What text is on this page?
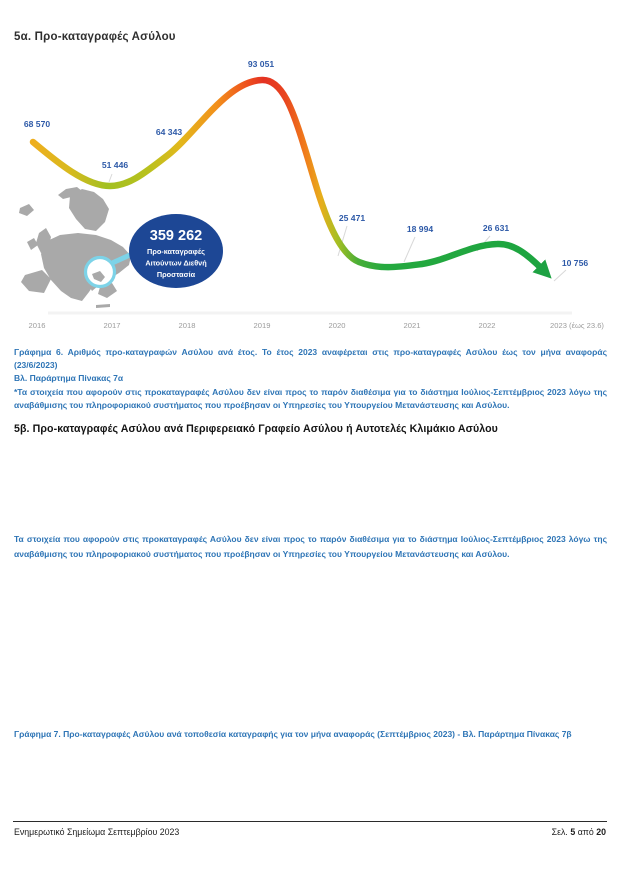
5α. Προ-καταγραφές Ασύλου
359 262
Προ-καταγραφές
Αιτούντων Διεθνή
Προστασία
68 570
51 446
64 343
93 051
25 471
18 994	26 631
10 756
2016	2017	2018	2019	2020	2021	2022	2023 (έως 23.6)
Γράφημα 6. Αριθμός προ-καταγραφών Ασύλου ανά έτος. Το έτος 2023 αναφέρεται στις προ-καταγραφές Ασύλου έως τον μήνα αναφοράς (23/6/2023)
Βλ. Παράρτημα Πίνακας 7α
*Τα στοιχεία που αφορούν στις προκαταγραφές Ασύλου δεν είναι προς το παρόν διαθέσιμα για το διάστημα Ιούλιος-Σεπτέμβριος 2023 λόγω της αναβάθμισης του πληροφοριακού συστήματος που προέβησαν οι Υπηρεσίες του Υπουργείου Μετανάστευσης και Ασύλου.
5β. Προ-καταγραφές Ασύλου ανά Περιφερειακό Γραφείο Ασύλου ή Αυτοτελές Κλιμάκιο Ασύλου
Τα στοιχεία που αφορούν στις προκαταγραφές Ασύλου δεν είναι προς το παρόν διαθέσιμα για το διάστημα Ιούλιος-Σεπτέμβριος 2023 λόγω της αναβάθμισης του πληροφοριακού συστήματος που προέβησαν οι Υπηρεσίες του Υπουργείου Μετανάστευσης και Ασύλου.
Γράφημα 7. Προ-καταγραφές Ασύλου ανά τοποθεσία καταγραφής για τον μήνα αναφοράς (Σεπτέμβριος 2023) - Βλ. Παράρτημα Πίνακας 7β
Ενημερωτικό Σημείωμα Σεπτεμβρίου 2023	Σελ. 5 από 20
